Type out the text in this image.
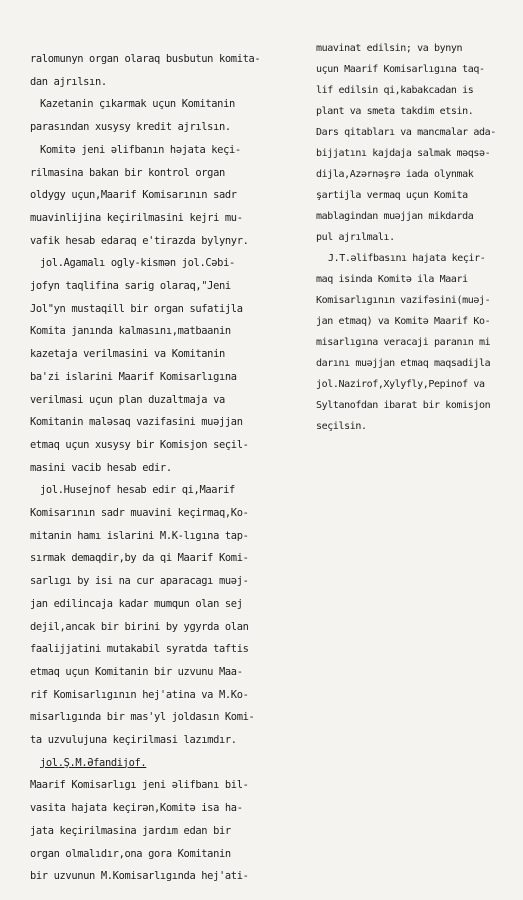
ralomunyn organ olaraq busbutun komita-
dan ajrılsın.
Kazetanin çıkarmak uçun Komitanin
parasından xusysy kredit ajrılsın.
Komitə jeni əlifbanın həjata keçi-
rilmasina bakan bir kontrol organ
oldygy uçun,Maarif Komisarının sadr
muavinlijina keçirilmasini kejri mu-
vafik hesab edaraq e'tirazda bylynyr.
jol.Agamalı ogly-kismən jol.Cəbi-
jofyn taqlifina sarig olaraq,"Jeni
Jol"yn mustaqill bir organ sufatijla
Komita janında kalmasını,matbaanin
kazetaja verilmasini va Komitanin
ba'zi islarini Maarif Komisarlıgına
verilmasi uçun plan duzaltmaja va
Komitanin maləsaq vazifasini muəjjan
etmaq uçun xusysy bir Komisjon seçil-
masini vacib hesab edir.
jol.Husejnof hesab edir qi,Maarif
Komisarının sadr muavini keçirmaq,Ko-
mitanin hamı islarini M.K-lıgına tap-
sırmak demaqdir,by da qi Maarif Komi-
sarlıgı by isi na cur aparacagı muəj-
jan edilincaja kadar mumqun olan sej
dejil,ancak bir birini by ygyrda olan
faalijjatini mutakabil syratda taftis
etmaq uçun Komitanin bir uzvunu Maa-
rif Komisarlıgının hej'atina va M.Ko-
misarlıgında bir mas'yl joldasın Komi-
ta uzvulujuna keçirilmasi lazımdır.
jol.Ş.M.Əfandijof.
Maarif Komisarlıgı jeni əlifbanı bil-
vasita hajata keçirən,Komitə isa ha-
jata keçirilmasina jardım edan bir
organ olmalıdır,ona gora Komitanin
bir uzvunun M.Komisarlıgında hej'ati-
muavinat edilsin; va bynyn
uçun Maarif Komisarlıgına taq-
lif edilsin qi,kabakcadan is
plant va smeta takdim etsin.
Dars qitabları va mancmalar ada-
bijjatını kajdaja salmak məqsə-
dijla,Azərnəşrə iada olynmak
şartijla vermaq uçun Komita
mablagindan muəjjan mikdarda
pul ajrılmalı.
J.T.əlifbasını hajata keçir-
maq isinda Komitə ila Maari
Komisarlıgının vazifəsini(muəj-
jan etmaq) va Komitə Maarif Ko-
misarlıgına veracaji paranın mi
darını muəjjan etmaq maqsadijla
jol.Nazirof,Xylyfly,Pepinof va
Syltanofdan ibarat bir komisjon
seçilsin.
